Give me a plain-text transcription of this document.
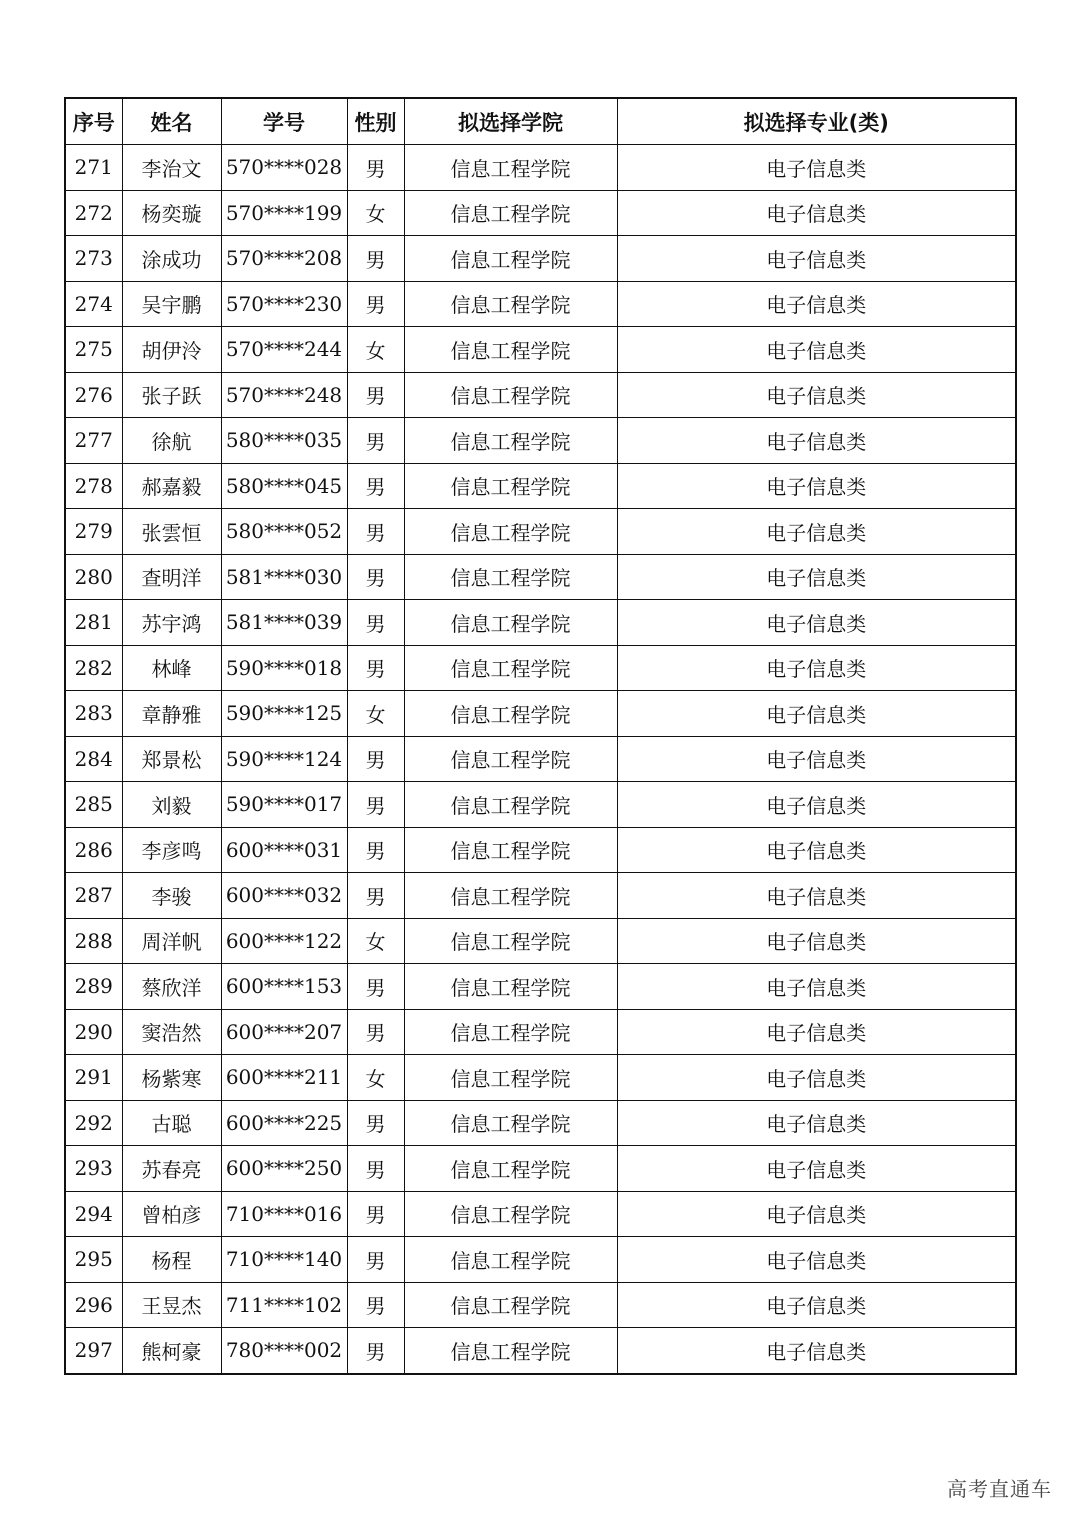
序号	姓名	学号	性别	拟选择学院	拟选择专业(类)
271	李治文	570****028	男	信息工程学院	电子信息类
272	杨奕璇	570****199	女	信息工程学院	电子信息类
273	涂成功	570****208	男	信息工程学院	电子信息类
274	吴宇鹏	570****230	男	信息工程学院	电子信息类
275	胡伊泠	570****244	女	信息工程学院	电子信息类
276	张子跃	570****248	男	信息工程学院	电子信息类
277	徐航	580****035	男	信息工程学院	电子信息类
278	郝嘉毅	580****045	男	信息工程学院	电子信息类
279	张雲恒	580****052	男	信息工程学院	电子信息类
280	查明洋	581****030	男	信息工程学院	电子信息类
281	苏宇鸿	581****039	男	信息工程学院	电子信息类
282	林峰	590****018	男	信息工程学院	电子信息类
283	章静雅	590****125	女	信息工程学院	电子信息类
284	郑景松	590****124	男	信息工程学院	电子信息类
285	刘毅	590****017	男	信息工程学院	电子信息类
286	李彦鸣	600****031	男	信息工程学院	电子信息类
287	李骏	600****032	男	信息工程学院	电子信息类
288	周洋帆	600****122	女	信息工程学院	电子信息类
289	蔡欣洋	600****153	男	信息工程学院	电子信息类
290	窦浩然	600****207	男	信息工程学院	电子信息类
291	杨紫寒	600****211	女	信息工程学院	电子信息类
292	古聪	600****225	男	信息工程学院	电子信息类
293	苏春亮	600****250	男	信息工程学院	电子信息类
294	曾柏彦	710****016	男	信息工程学院	电子信息类
295	杨程	710****140	男	信息工程学院	电子信息类
296	王昱杰	711****102	男	信息工程学院	电子信息类
297	熊柯豪	780****002	男	信息工程学院	电子信息类
高考直通车
